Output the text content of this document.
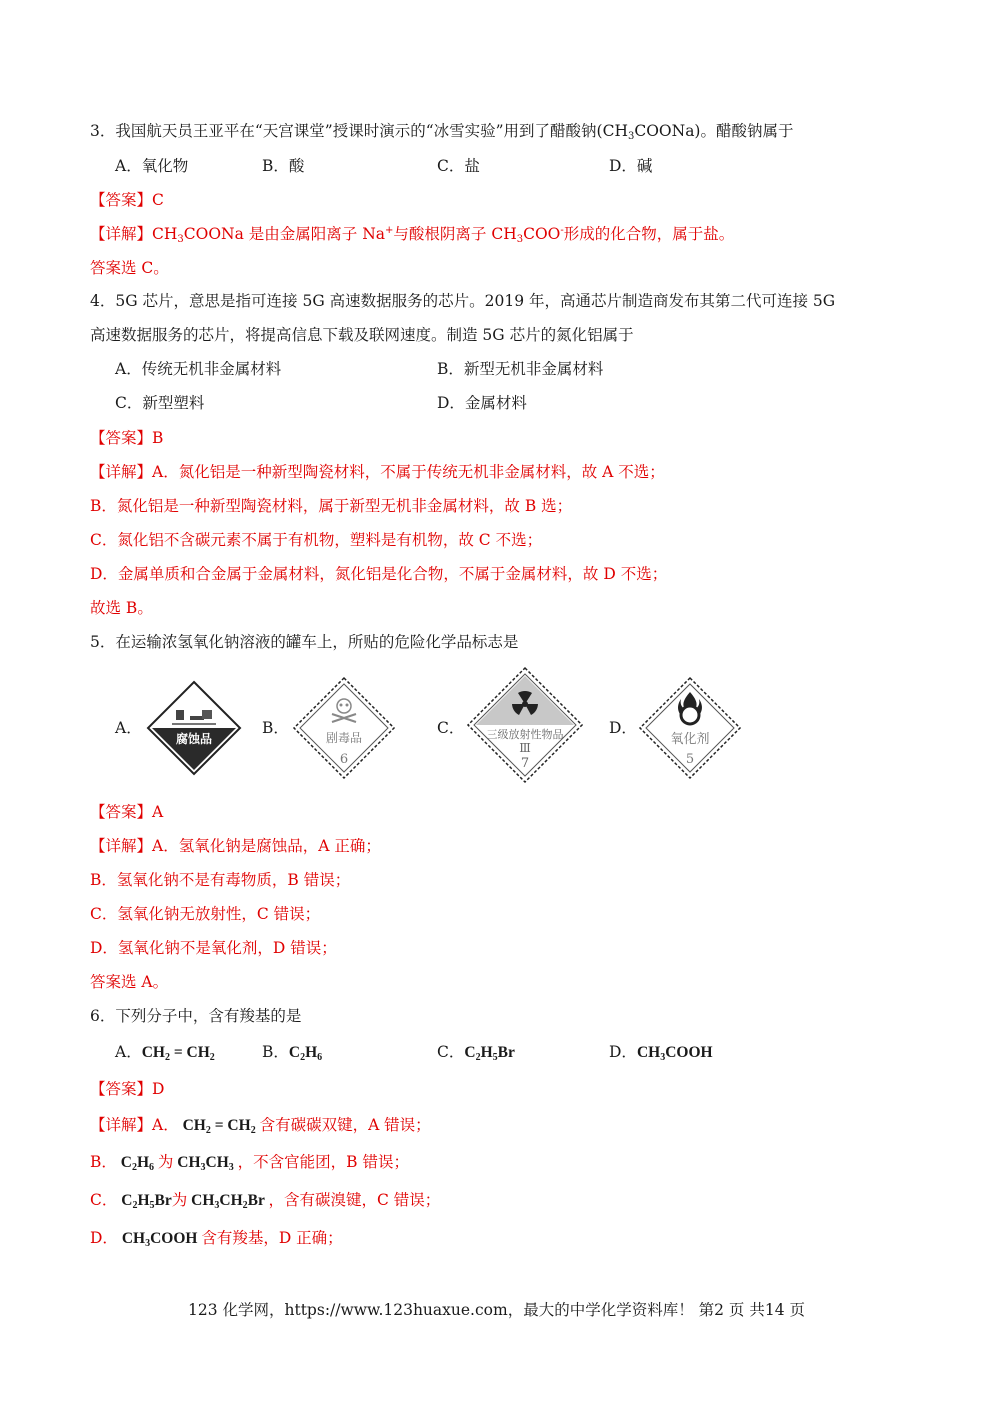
3．我国航天员王亚平在“天宫课堂”授课时演示的“冰雪实验”用到了醋酸钠$(CH_3COONa)$。醋酸钠属于
A．氧化物	B．酸	C．盐	D．碱
【答案】C
【详解】$CH_3COONa$ 是由金属阳离子 Na+与酸根阴离子 $CH_3COO^-$形成的化合物，属于盐。
答案选 C。
4．5G 芯片，意思是指可连接 5G 高速数据服务的芯片。2019 年，高通芯片制造商发布其第二代可连接 5G
高速数据服务的芯片，将提高信息下载及联网速度。制造 5G 芯片的氮化铝属于
A．传统无机非金属材料	B．新型无机非金属材料
C．新型塑料	D．金属材料
【答案】B
【详解】A．氮化铝是一种新型陶瓷材料，不属于传统无机非金属材料，故 A 不选；
B．氮化铝是一种新型陶瓷材料，属于新型无机非金属材料，故 B 选；
C．氮化铝不含碳元素不属于有机物，塑料是有机物，故 C 不选；
D．金属单质和合金属于金属材料，氮化铝是化合物，不属于金属材料，故 D 不选；
故选 B。
5．在运输浓氢氧化钠溶液的罐车上，所贴的危险化学品标志是
A．	B．	C．	D．
腐蚀品	剧毒品
6
三级放射性物品
Ⅲ
7
氧化剂
5
【答案】A
【详解】A．氢氧化钠是腐蚀品，A 正确；
B．氢氧化钠不是有毒物质，B 错误；
C．氢氧化钠无放射性，C 错误；
D．氢氧化钠不是氧化剂，D 错误；
答案选 A。
6．下列分子中，含有羧基的是
A．$CH_2 = CH_2$	B．$C_2H_6$	C．$C_2H_5Br$	D．$CH_3COOH$
【答案】D
【详解】A． $CH_2 = CH_2$ 含有碳碳双键，A 错误；
B． $C_2H_6$ 为 $CH_3CH_3$ ，不含官能团，B 错误；
C． $C_2H_5Br$为 $CH_3CH_2Br$ ，含有碳溴键，C 错误；
D． $CH_3COOH$ 含有羧基，D 正确；
123 化学网，https://www.123huaxue.com，最大的中学化学资料库！ 第2 页 共14 页
